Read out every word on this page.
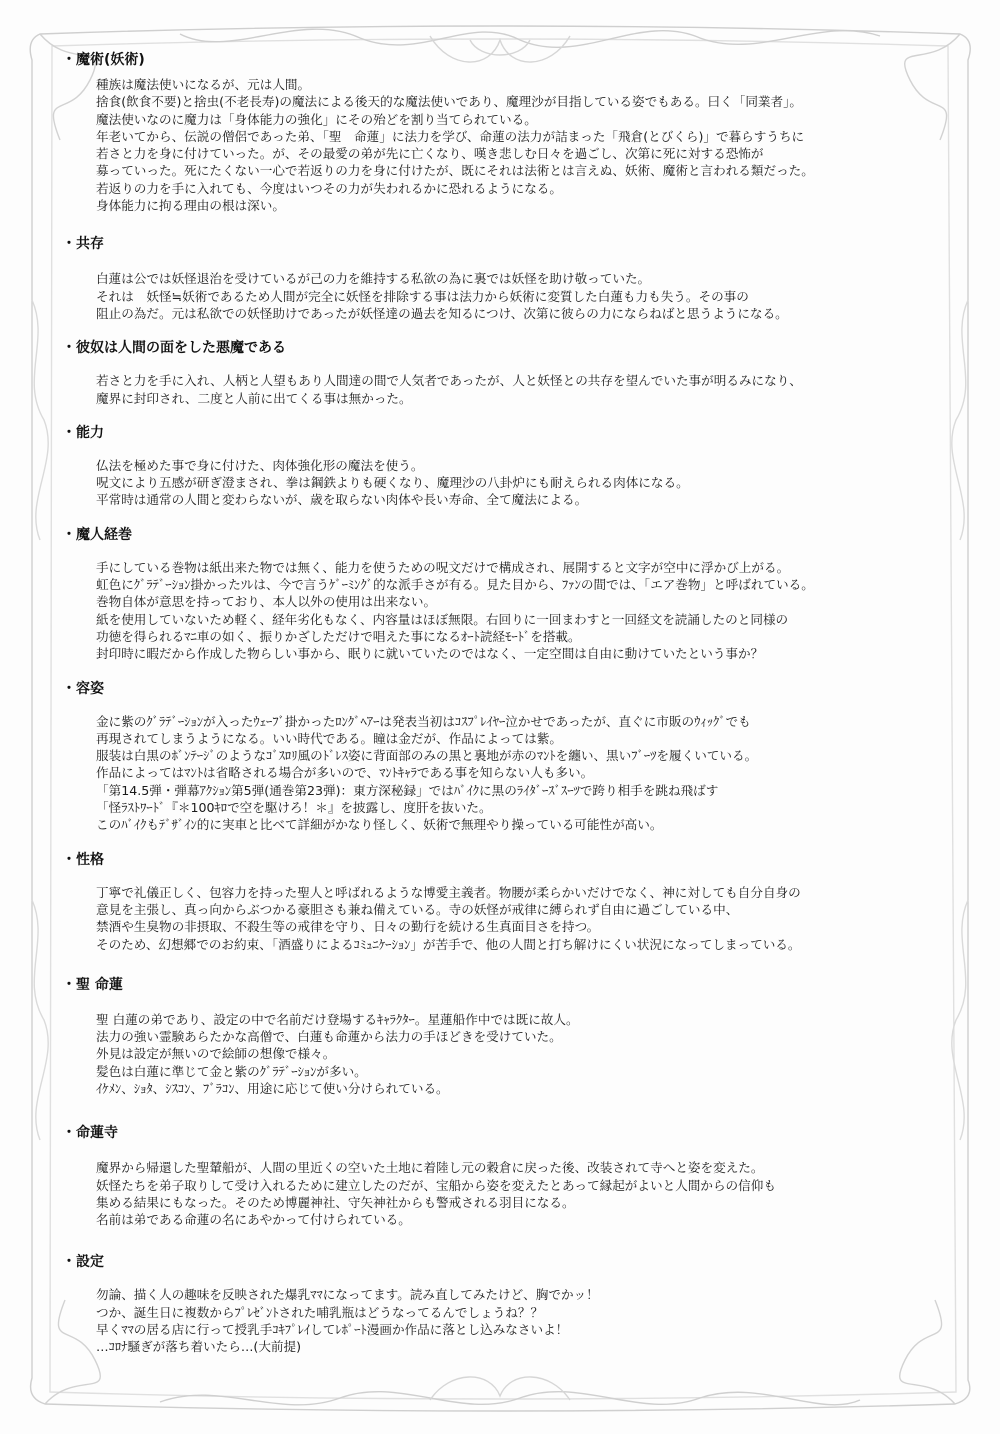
・魔術(妖術)
種族は魔法使いになるが、元は人間。
捨食(飲食不要)と捨虫(不老長寿)の魔法による後天的な魔法使いであり、魔理沙が目指している姿でもある。曰く「同業者」。
魔法使いなのに魔力は「身体能力の強化」にその殆どを割り当てられている。
年老いてから、伝説の僧侶であった弟、「聖　命蓮」に法力を学び、命蓮の法力が詰まった「飛倉(とびくら)」で暮らすうちに
若さと力を身に付けていった。が、その最愛の弟が先に亡くなり、嘆き悲しむ日々を過ごし、次第に死に対する恐怖が
募っていった。死にたくない一心で若返りの力を身に付けたが、既にそれは法術とは言えぬ、妖術、魔術と言われる類だった。
若返りの力を手に入れても、今度はいつその力が失われるかに恐れるようになる。
身体能力に拘る理由の根は深い。
・共存
白蓮は公では妖怪退治を受けているが己の力を維持する私欲の為に裏では妖怪を助け敬っていた。
それは　妖怪≒妖術であるため人間が完全に妖怪を排除する事は法力から妖術に変質した白蓮も力も失う。その事の
阻止の為だ。元は私欲での妖怪助けであったが妖怪達の過去を知るにつけ、次第に彼らの力にならねばと思うようになる。
・彼奴は人間の面をした悪魔である
若さと力を手に入れ、人柄と人望もあり人間達の間で人気者であったが、人と妖怪との共存を望んでいた事が明るみになり、
魔界に封印され、二度と人前に出てくる事は無かった。
・能力
仏法を極めた事で身に付けた、肉体強化形の魔法を使う。
呪文により五感が研ぎ澄まされ、拳は鋼鉄よりも硬くなり、魔理沙の八卦炉にも耐えられる肉体になる。
平常時は通常の人間と変わらないが、歳を取らない肉体や長い寿命、全て魔法による。
・魔人経巻
手にしている巻物は紙出来た物では無く、能力を使うための呪文だけで構成され、展開すると文字が空中に浮かび上がる。
虹色にｸﾞﾗﾃﾞｰｼｮﾝ掛かったｿﾚは、今で言うｹﾞｰﾐﾝｸﾞ的な派手さが有る。見た目から、ﾌｧﾝの間では、「エア巻物」と呼ばれている。
巻物自体が意思を持っており、本人以外の使用は出来ない。
紙を使用していないため軽く、経年劣化もなく、内容量はほぼ無限。右回りに一回まわすと一回経文を読誦したのと同様の
功徳を得られるﾏﾆ車の如く、振りかざしただけで唱えた事になるｵｰﾄ読経ﾓｰﾄﾞを搭載。
封印時に暇だから作成した物らしい事から、眠りに就いていたのではなく、一定空間は自由に動けていたという事か？
・容姿
金に紫のｸﾞﾗﾃﾞｰｼｮﾝが入ったｳｪｰﾌﾞ掛かったﾛﾝｸﾞﾍｱｰは発表当初はｺｽﾌﾟﾚｲﾔｰ泣かせであったが、直ぐに市販のｳｨｯｸﾞでも
再現されてしまうようになる。いい時代である。瞳は金だが、作品によっては紫。
服装は白黒のﾎﾞﾝﾃｰｼﾞのようなｺﾞｽﾛﾘ風のﾄﾞﾚｽ姿に背面部のみの黒と裏地が赤のﾏﾝﾄを纏い、黒いﾌﾞｰﾂを履くいている。
作品によってはﾏﾝﾄは省略される場合が多いので、ﾏﾝﾄｷｬﾗである事を知らない人も多い。
「第14.5弾・弾幕ｱｸｼｮﾝ第5弾(通巻第23弾)：東方深秘録」ではﾊﾞｲｸに黒のﾗｲﾀﾞｰｽﾞｽｰﾂで跨り相手を跳ね飛ばす
「怪ﾗｽﾄﾜｰﾄﾞ『＊100ｷﾛで空を駆けろ！＊』を披露し、度肝を抜いた。
このﾊﾞｲｸもﾃﾞｻﾞｲﾝ的に実車と比べて詳細がかなり怪しく、妖術で無理やり操っている可能性が高い。
・性格
丁寧で礼儀正しく、包容力を持った聖人と呼ばれるような博愛主義者。物腰が柔らかいだけでなく、神に対しても自分自身の
意見を主張し、真っ向からぶつかる豪胆さも兼ね備えている。寺の妖怪が戒律に縛られず自由に過ごしている中、
禁酒や生臭物の非摂取、不殺生等の戒律を守り、日々の勤行を続ける生真面目さを持つ。
そのため、幻想郷でのお約束、「酒盛りによるｺﾐｭﾆｹｰｼｮﾝ」が苦手で、他の人間と打ち解けにくい状況になってしまっている。
・聖 命蓮
聖 白蓮の弟であり、設定の中で名前だけ登場するｷｬﾗｸﾀｰ。星蓮船作中では既に故人。
法力の強い霊験あらたかな高僧で、白蓮も命蓮から法力の手ほどきを受けていた。
外見は設定が無いので絵師の想像で様々。
髪色は白蓮に準じて金と紫のｸﾞﾗﾃﾞｰｼｮﾝが多い。
ｲｹﾒﾝ、ｼｮﾀ、ｼｽｺﾝ、ﾌﾞﾗｺﾝ、用途に応じて使い分けられている。
・命蓮寺
魔界から帰還した聖輦船が、人間の里近くの空いた土地に着陸し元の穀倉に戻った後、改装されて寺へと姿を変えた。
妖怪たちを弟子取りして受け入れるために建立したのだが、宝船から姿を変えたとあって縁起がよいと人間からの信仰も
集める結果にもなった。そのため博麗神社、守矢神社からも警戒される羽目になる。
名前は弟である命蓮の名にあやかって付けられている。
・設定
勿論、描く人の趣味を反映された爆乳ﾏﾏになってます。読み直してみたけど、胸でかッ！
つか、誕生日に複数からﾌﾟﾚｾﾞﾝﾄされた哺乳瓶はどうなってるんでしょうね？？
早くﾏﾏの居る店に行って授乳手ｺｷﾌﾟﾚｲしてﾚﾎﾟｰﾄ漫画か作品に落とし込みなさいよ！
…ｺﾛﾅ騒ぎが落ち着いたら…(大前提)
